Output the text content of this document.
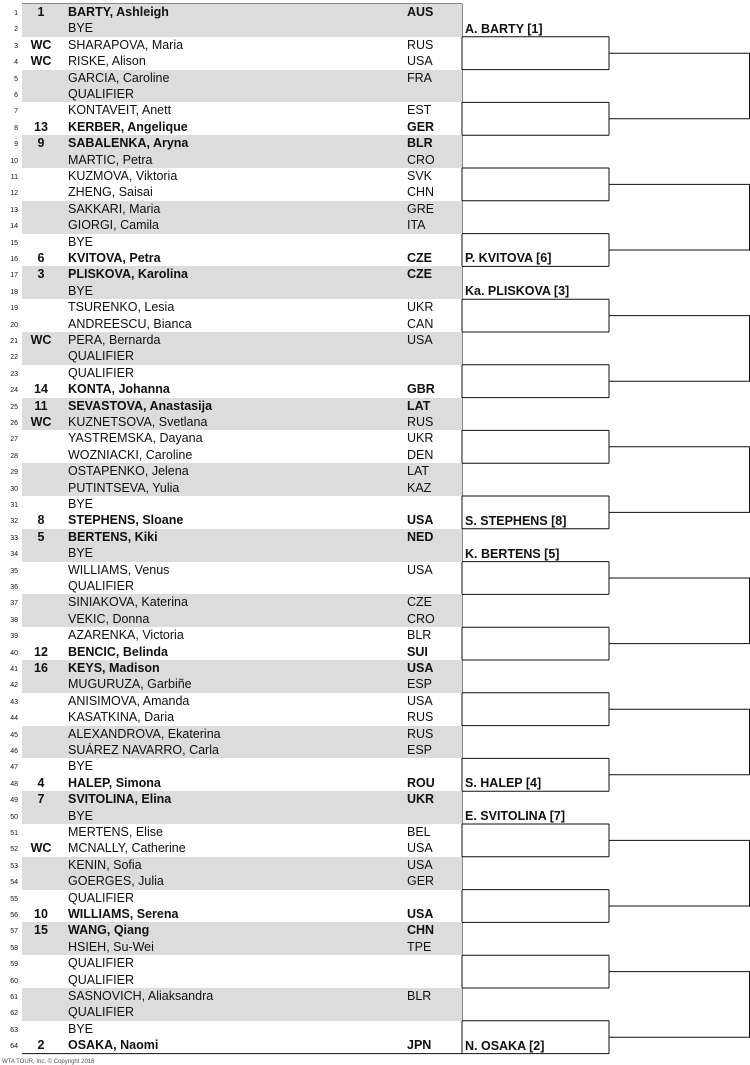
1	1	BARTY, Ashleigh	AUS
2	BYE
3	WC	SHARAPOVA, Maria	RUS
4	WC	RISKE, Alison	USA
5	GARCIA, Caroline	FRA
6	QUALIFIER
7	KONTAVEIT, Anett	EST
8	13	KERBER, Angelique	GER
9	9	SABALENKA, Aryna	BLR
10	MARTIC, Petra	CRO
11	KUZMOVA, Viktoria	SVK
12	ZHENG, Saisai	CHN
13	SAKKARI, Maria	GRE
14	GIORGI, Camila	ITA
15	BYE
16	6	KVITOVA, Petra	CZE
17	3	PLISKOVA, Karolina	CZE
18	BYE
19	TSURENKO, Lesia	UKR
20	ANDREESCU, Bianca	CAN
21	WC	PERA, Bernarda	USA
22	QUALIFIER
23	QUALIFIER
24	14	KONTA, Johanna	GBR
25	11	SEVASTOVA, Anastasija	LAT
26	WC	KUZNETSOVA, Svetlana	RUS
27	YASTREMSKA, Dayana	UKR
28	WOZNIACKI, Caroline	DEN
29	OSTAPENKO, Jelena	LAT
30	PUTINTSEVA, Yulia	KAZ
31	BYE
32	8	STEPHENS, Sloane	USA
33	5	BERTENS, Kiki	NED
34	BYE
35	WILLIAMS, Venus	USA
36	QUALIFIER
37	SINIAKOVA, Katerina	CZE
38	VEKIC, Donna	CRO
39	AZARENKA, Victoria	BLR
40	12	BENCIC, Belinda	SUI
41	16	KEYS, Madison	USA
42	MUGURUZA, Garbiñe	ESP
43	ANISIMOVA, Amanda	USA
44	KASATKINA, Daria	RUS
45	ALEXANDROVA, Ekaterina	RUS
46	SUÁREZ NAVARRO, Carla	ESP
47	BYE
48	4	HALEP, Simona	ROU
49	7	SVITOLINA, Elina	UKR
50	BYE
51	MERTENS, Elise	BEL
52	WC	MCNALLY, Catherine	USA
53	KENIN, Sofia	USA
54	GOERGES, Julia	GER
55	QUALIFIER
56	10	WILLIAMS, Serena	USA
57	15	WANG, Qiang	CHN
58	HSIEH, Su-Wei	TPE
59	QUALIFIER
60	QUALIFIER
61	SASNOVICH, Aliaksandra	BLR
62	QUALIFIER
63	BYE
64	2	OSAKA, Naomi	JPN
A. BARTY [1]
P. KVITOVA [6]
Ka. PLISKOVA [3]
S. STEPHENS [8]
K. BERTENS [5]
S. HALEP [4]
E. SVITOLINA [7]
N. OSAKA [2]
WTA TOUR, Inc. © Copyright 2016
